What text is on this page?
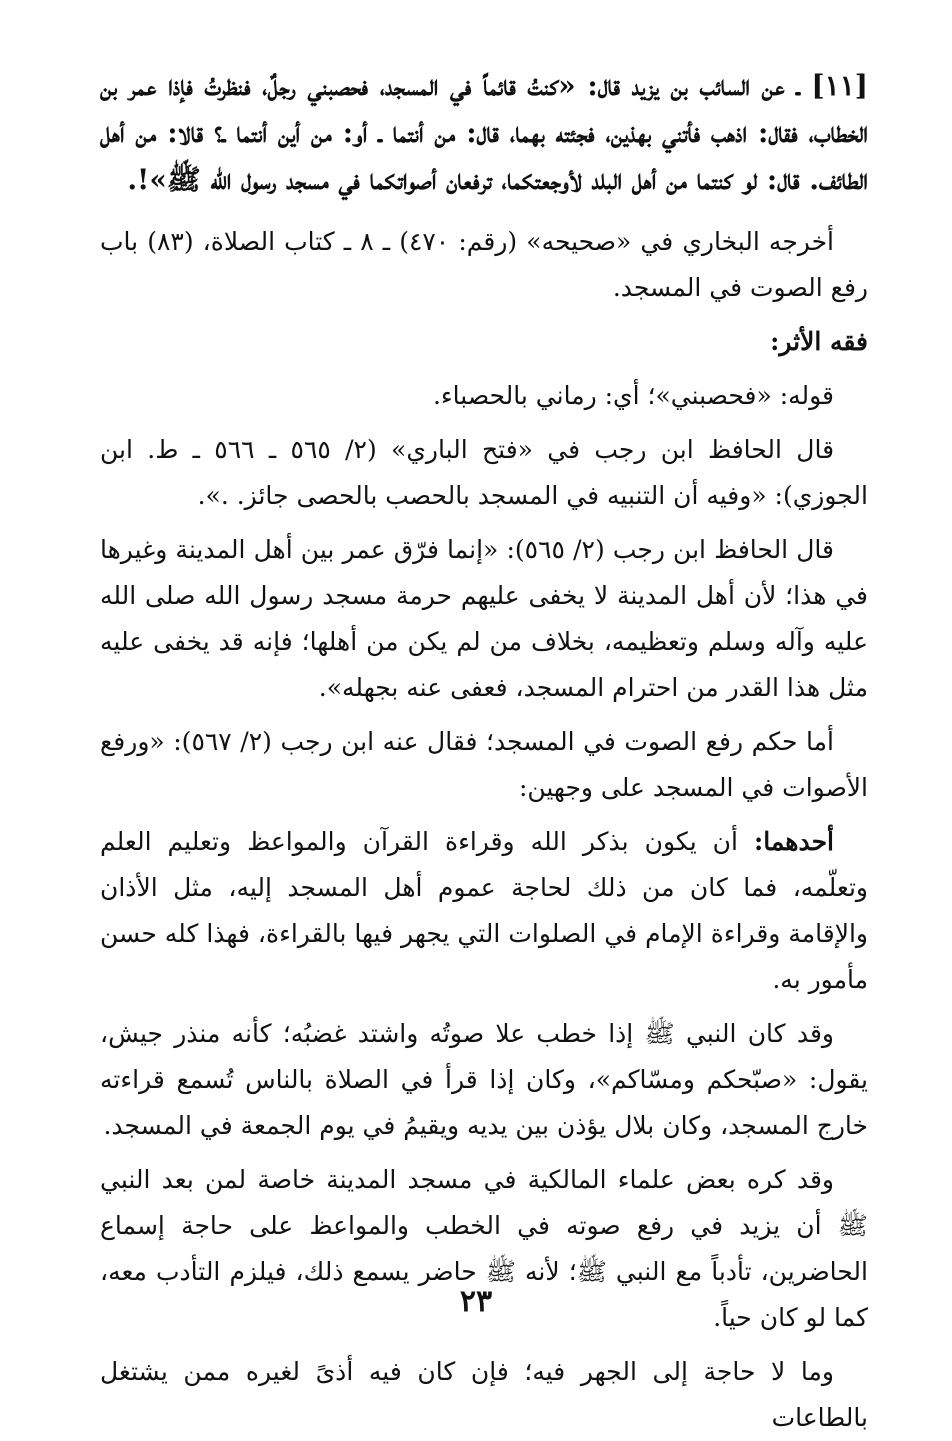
[١١] ـ عن السائب بن يزيد قال: «كنتُ قائماً في المسجد، فحصبني رجلٌ، فنظرتُ فإذا عمر بن الخطاب، فقال: اذهب فأتني بهذين، فجئته بهما، قال: من أنتما ـ أو: من أين أنتما ـ؟ قالا: من أهل الطائف. قال: لو كنتما من أهل البلد لأوجعتكما، ترفعان أصواتكما في مسجد رسول الله ﷺ»!.

أخرجه البخاري في «صحيحه» (رقم: ٤٧٠) ـ ٨ ـ كتاب الصلاة، (٨٣) باب رفع الصوت في المسجد.

فقه الأثر:

قوله: «فحصبني»؛ أي: رماني بالحصباء.

قال الحافظ ابن رجب في «فتح الباري» (٢/ ٥٦٥ ـ ٥٦٦ ـ ط. ابن الجوزي): «وفيه أن التنبيه في المسجد بالحصب بالحصى جائز. .».

قال الحافظ ابن رجب (٢/ ٥٦٥): «إنما فرّق عمر بين أهل المدينة وغيرها في هذا؛ لأن أهل المدينة لا يخفى عليهم حرمة مسجد رسول الله صلى الله عليه وآله وسلم وتعظيمه، بخلاف من لم يكن من أهلها؛ فإنه قد يخفى عليه مثل هذا القدر من احترام المسجد، فعفى عنه بجهله».

أما حكم رفع الصوت في المسجد؛ فقال عنه ابن رجب (٢/ ٥٦٧): «ورفع الأصوات في المسجد على وجهين:

أحدهما: أن يكون بذكر الله وقراءة القرآن والمواعظ وتعليم العلم وتعلّمه، فما كان من ذلك لحاجة عموم أهل المسجد إليه، مثل الأذان والإقامة وقراءة الإمام في الصلوات التي يجهر فيها بالقراءة، فهذا كله حسن مأمور به.

وقد كان النبي ﷺ إذا خطب علا صوتُه واشتد غضبُه؛ كأنه منذر جيش، يقول: «صبّحكم ومسّاكم»، وكان إذا قرأ في الصلاة بالناس تُسمع قراءته خارج المسجد، وكان بلال يؤذن بين يديه ويقيمُ في يوم الجمعة في المسجد.

وقد كره بعض علماء المالكية في مسجد المدينة خاصة لمن بعد النبي ﷺ أن يزيد في رفع صوته في الخطب والمواعظ على حاجة إسماع الحاضرين، تأدباً مع النبي ﷺ؛ لأنه ﷺ حاضر يسمع ذلك، فيلزم التأدب معه، كما لو كان حياً.

وما لا حاجة إلى الجهر فيه؛ فإن كان فيه أذىً لغيره ممن يشتغل بالطاعات

٢٣
